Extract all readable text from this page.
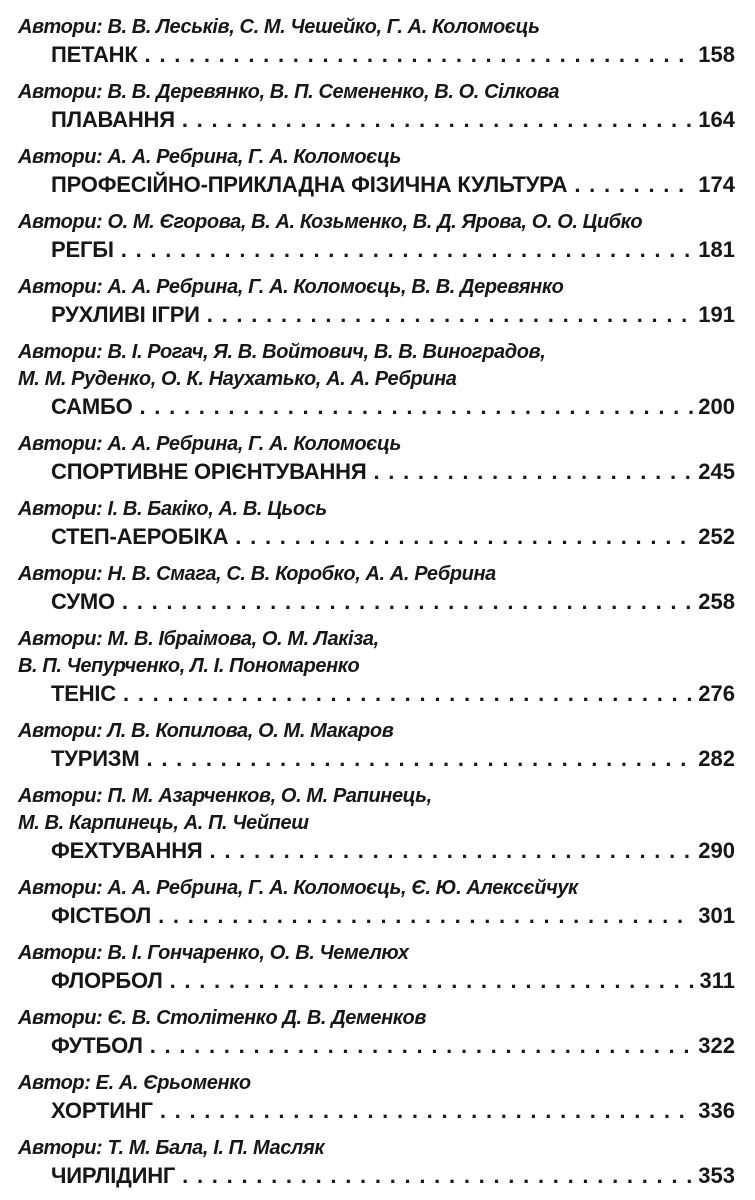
Автори: В. В. Леськів, С. М. Чешейко, Г. А. Коломоєць
ПЕТАНК . . .	158
Автори: В. В. Деревянко, В. П. Семененко, В. О. Сілкова
ПЛАВАННЯ . . .	164
Автори: А. А. Ребрина, Г. А. Коломоєць
ПРОФЕСІЙНО-ПРИКЛАДНА ФІЗИЧНА КУЛЬТУРА . . .	174
Автори: О. М. Єгорова, В. А. Козьменко, В. Д. Ярова, О. О. Цибко
РЕГБІ . . .	181
Автори: А. А. Ребрина, Г. А. Коломоєць, В. В. Деревянко
РУХЛИВІ ІГРИ . . .	191
Автори: В. І. Рогач, Я. В. Войтович, В. В. Виноградов,
М. М. Руденко, О. К. Наухатько, А. А. Ребрина
САМБО . . .	200
Автори: А. А. Ребрина, Г. А. Коломоєць
СПОРТИВНЕ ОРІЄНТУВАННЯ . . .	245
Автори: І. В. Бакіко, А. В. Цьось
СТЕП-АЕРОБІКА . . .	252
Автори: Н. В. Смага, С. В. Коробко, А. А. Ребрина
СУМО . . .	258
Автори: М. В. Ібраімова, О. М. Лакіза,
В. П. Чепурченко, Л. І. Пономаренко
ТЕНІС . . .	276
Автори: Л. В. Копилова, О. М. Макаров
ТУРИЗМ . . .	282
Автори: П. М. Азарченков, О. М. Рапинець,
М. В. Карпинець, А. П. Чейпеш
ФЕХТУВАННЯ . . .	290
Автори: А. А. Ребрина, Г. А. Коломоєць, Є. Ю. Алексєйчук
ФІСТБОЛ . . .	301
Автори: В. І. Гончаренко, О. В. Чемелюх
ФЛОРБОЛ . . .	311
Автори: Є. В. Столітенко Д. В. Деменков
ФУТБОЛ . . .	322
Автор: Е. А. Єрьоменко
ХОРТИНГ . . .	336
Автори: Т. М. Бала, І. П. Масляк
ЧИРЛІДИНГ . . .	353
